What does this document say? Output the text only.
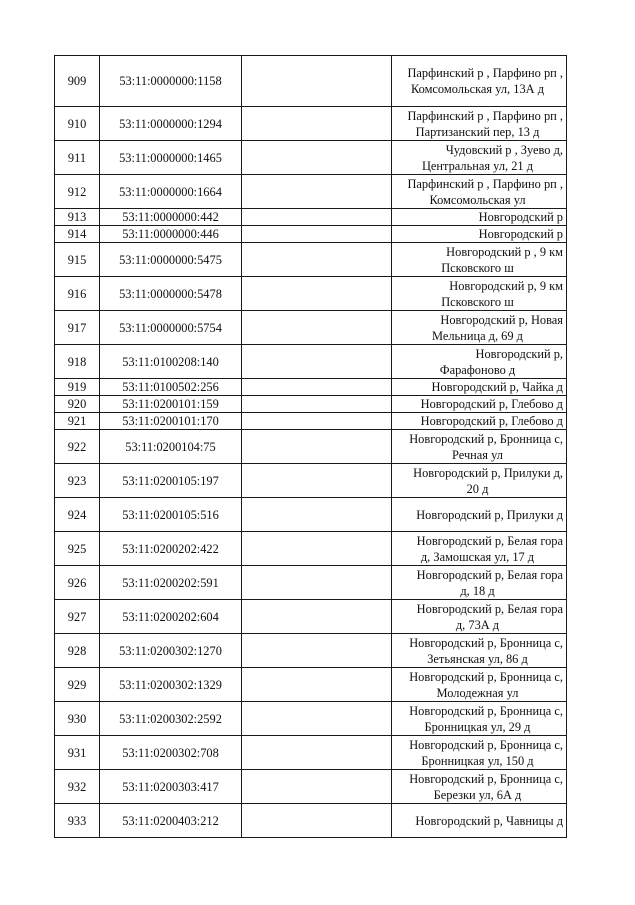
909	53:11:0000000:1158		Парфинский р , Парфино рп ,
Комсомольская ул, 13А д

910	53:11:0000000:1294		Парфинский р , Парфино рп ,
Партизанский пер, 13 д

911	53:11:0000000:1465		Чудовский р , Зуево д,
Центральная ул, 21 д

912	53:11:0000000:1664		Парфинский р , Парфино рп ,
Комсомольская ул

913	53:11:0000000:442		Новгородский р

914	53:11:0000000:446		Новгородский р

915	53:11:0000000:5475		Новгородский р , 9 км
Псковского ш

916	53:11:0000000:5478		Новгородский р, 9 км
Псковского ш

917	53:11:0000000:5754		Новгородский р, Новая
Мельница д, 69 д

918	53:11:0100208:140		Новгородский р,
Фарафоново д

919	53:11:0100502:256		Новгородский р, Чайка д

920	53:11:0200101:159		Новгородский р, Глебово д

921	53:11:0200101:170		Новгородский р, Глебово д

922	53:11:0200104:75		Новгородский р, Бронница с,
Речная ул

923	53:11:0200105:197		Новгородский р, Прилуки д,
20 д

924	53:11:0200105:516		Новгородский р, Прилуки д

925	53:11:0200202:422		Новгородский р, Белая гора
д, Замошская ул, 17 д

926	53:11:0200202:591		Новгородский р, Белая гора
д, 18 д

927	53:11:0200202:604		Новгородский р, Белая гора
д, 73А д

928	53:11:0200302:1270		Новгородский р, Бронница с,
Зетьянская ул, 86 д

929	53:11:0200302:1329		Новгородский р, Бронница с,
Молодежная ул

930	53:11:0200302:2592		Новгородский р, Бронница с,
Бронницкая ул, 29 д

931	53:11:0200302:708		Новгородский р, Бронница с,
Бронницкая ул, 150 д

932	53:11:0200303:417		Новгородский р, Бронница с,
Березки ул, 6А д

933	53:11:0200403:212		Новгородский р, Чавницы д
